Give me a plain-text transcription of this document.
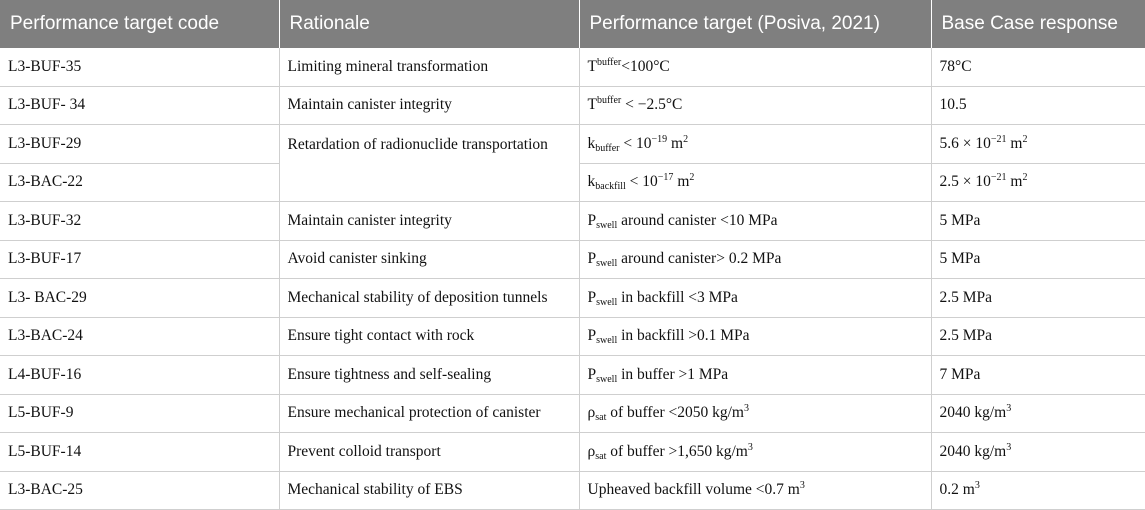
Performance target code	Rationale	Performance target (Posiva, 2021)	Base Case response
L3-BUF-35	Limiting mineral transformation	$T^{buffer}<100^\circ C$	78°C
L3-BUF- 34	Maintain canister integrity	$T^{buffer} < -2.5^\circ C$	10.5
L3-BUF-29	Retardation of radionuclide transportation	$k_{buffer} < 10^{-19}$ $m^2$	$5.6 \times 10^{-21}$ $m^2$
L3-BAC-22		$k_{backfill} < 10^{-17}$ $m^2$	$2.5 \times 10^{-21}$ $m^2$
L3-BUF-32	Maintain canister integrity	$P_{swell}$ around canister <10 MPa	5 MPa
L3-BUF-17	Avoid canister sinking	$P_{swell}$ around canister> 0.2 MPa	5 MPa
L3- BAC-29	Mechanical stability of deposition tunnels	$P_{swell}$ in backfill <3 MPa	2.5 MPa
L3-BAC-24	Ensure tight contact with rock	$P_{swell}$ in backfill >0.1 MPa	2.5 MPa
L4-BUF-16	Ensure tightness and self-sealing	$P_{swell}$ in buffer >1 MPa	7 MPa
L5-BUF-9	Ensure mechanical protection of canister	$\rho_{sat}$ of buffer <2050 $kg/m^3$	2040 $kg/m^3$
L5-BUF-14	Prevent colloid transport	$\rho_{sat}$ of buffer >1,650 $kg/m^3$	2040 $kg/m^3$
L3-BAC-25	Mechanical stability of EBS	Upheaved backfill volume <0.7 $m^3$	0.2 $m^3$
